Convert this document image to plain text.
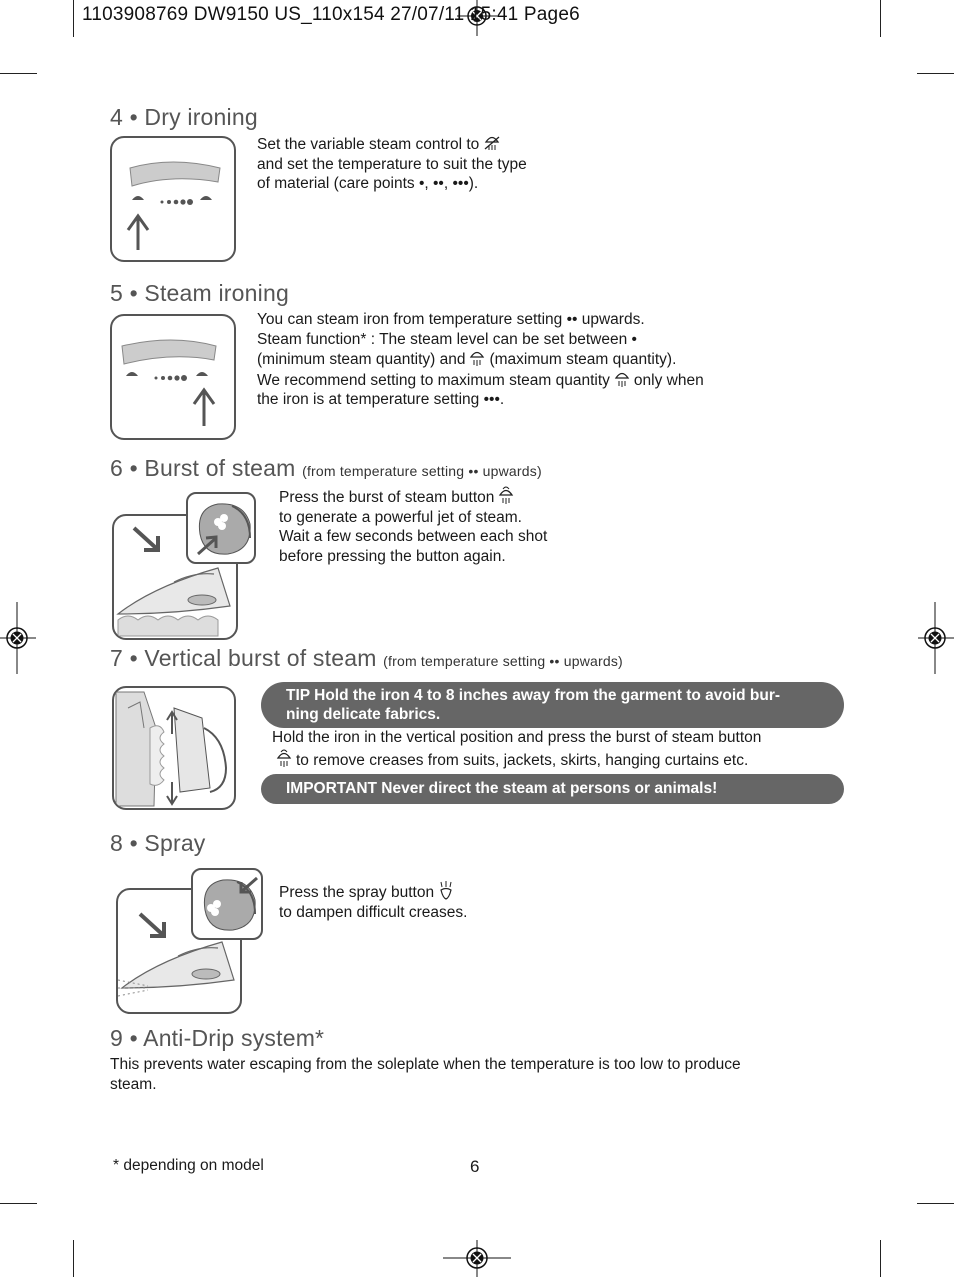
1103908769 DW9150 US_110x154 27/07/11 15:41 Page6
4 • Dry ironing
Set the variable steam control to
and set the temperature to suit the type
of material (care points •, ••, •••).
5 • Steam ironing
You can steam iron from temperature setting •• upwards.
Steam function* : The steam level can be set between •
(minimum steam quantity) and (maximum steam quantity).
We recommend setting to maximum steam quantity only when
the iron is at temperature setting •••.
6 • Burst of steam (from temperature setting •• upwards)
Press the burst of steam button
to generate a powerful jet of steam.
Wait a few seconds between each shot
before pressing the button again.
7 • Vertical burst of steam (from temperature setting •• upwards)
TIP Hold the iron 4 to 8 inches away from the garment to avoid bur-
ning delicate fabrics.
Hold the iron in the vertical position and press the burst of steam button
to remove creases from suits, jackets, skirts, hanging curtains etc.
IMPORTANT Never direct the steam at persons or animals!
8 • Spray
Press the spray button
to dampen difficult creases.
9 • Anti-Drip system*
This prevents water escaping from the soleplate when the temperature is too low to produce
steam.
* depending on model	6
